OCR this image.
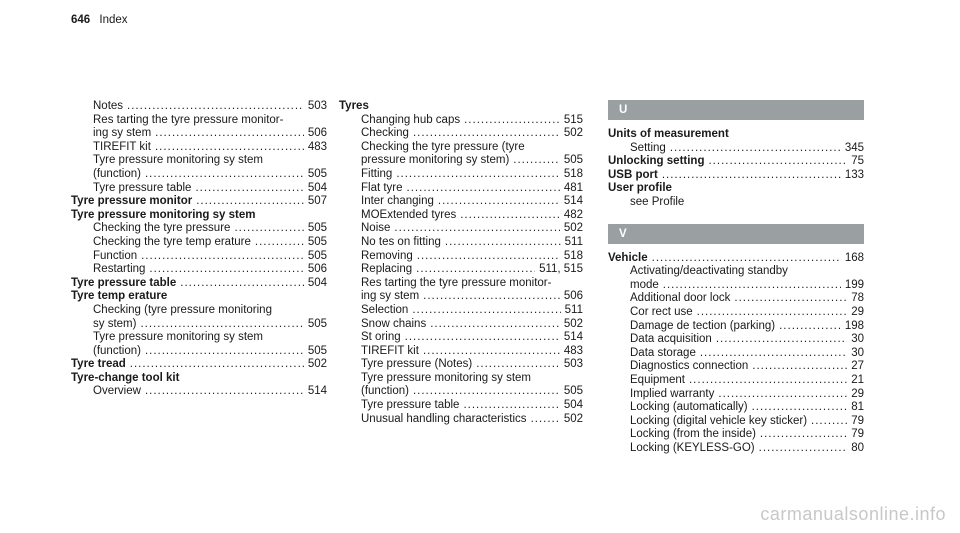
646 Index
Notes .....	503
Res tarting the tyre pressure monitor-
ing sy stem .....	506
TIREFIT kit .....	483
Tyre pressure monitoring sy stem
(function) .....	505
Tyre pressure table .....	504
Tyre pressure monitor .....	507
Tyre pressure monitoring sy stem
Checking the tyre pressure .....	505
Checking the tyre temp erature .....	505
Function .....	505
Restarting .....	506
Tyre pressure table .....	504
Tyre temp erature
Checking (tyre pressure monitoring
sy stem) .....	505
Tyre pressure monitoring sy stem
(function) .....	505
Tyre tread .....	502
Tyre-change tool kit
Overview .....	514
Tyres
Changing hub caps .....	515
Checking .....	502
Checking the tyre pressure (tyre
pressure monitoring sy stem) .....	505
Fitting .....	518
Flat tyre .....	481
Inter changing .....	514
MOExtended tyres .....	482
Noise .....	502
No tes on fitting .....	511
Removing .....	518
Replacing .....	511, 515
Res tarting the tyre pressure monitor-
ing sy stem .....	506
Selection .....	511
Snow chains .....	502
St oring .....	514
TIREFIT kit .....	483
Tyre pressure (Notes) .....	503
Tyre pressure monitoring sy stem
(function) .....	505
Tyre pressure table .....	504
Unusual handling characteristics .....	502
U
Units of measurement
Setting .....	345
Unlocking setting .....	75
USB port .....	133
User profile
see Profile
V
Vehicle .....	168
Activating/deactivating standby
mode .....	199
Additional door lock .....	78
Cor rect use .....	29
Damage de tection (parking) .....	198
Data acquisition .....	30
Data storage .....	30
Diagnostics connection .....	27
Equipment .....	21
Implied warranty .....	29
Locking (automatically) .....	81
Locking (digital vehicle key sticker) .....	79
Locking (from the inside) .....	79
Locking (KEYLESS-GO) .....	80
carmanualsonline.info
